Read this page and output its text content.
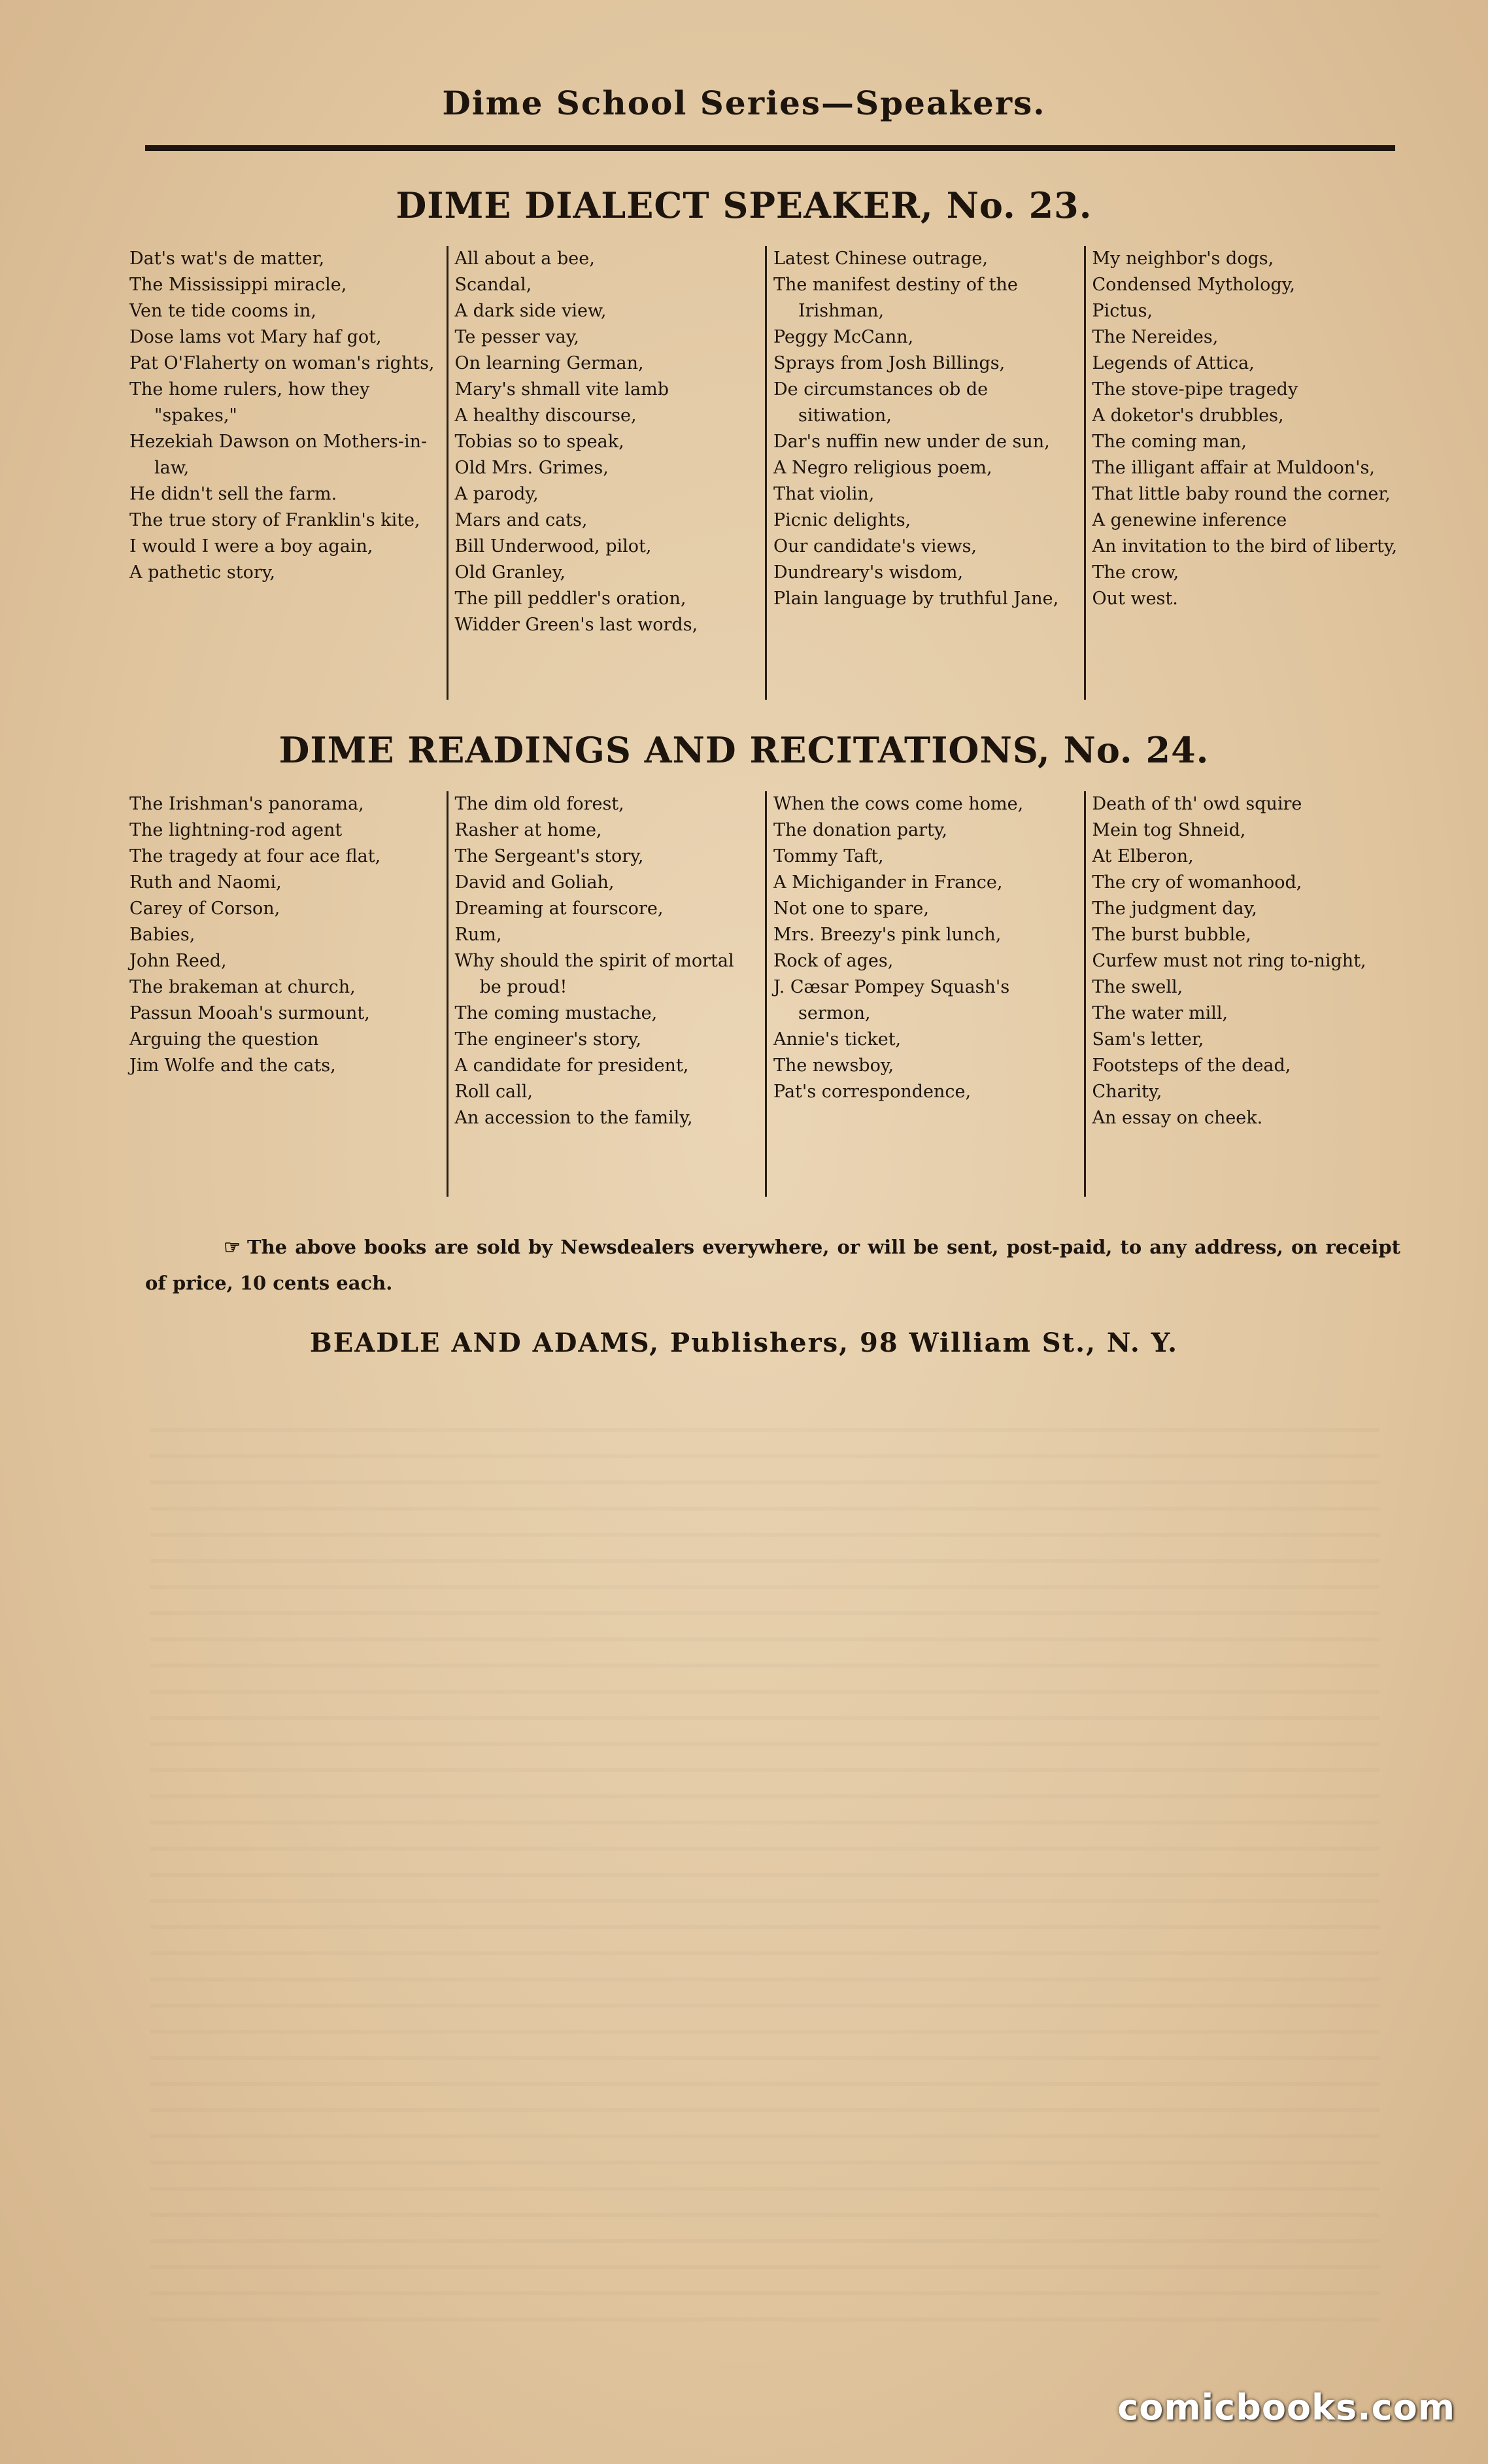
Dime School Series—Speakers.
DIME DIALECT SPEAKER, No. 23.
Dat's wat's de matter,
The Mississippi miracle,
Ven te tide cooms in,
Dose lams vot Mary haf got,
Pat O'Flaherty on woman's rights,
The home rulers, how they "spakes,"
Hezekiah Dawson on Mothers-in-law,
He didn't sell the farm.
The true story of Franklin's kite,
I would I were a boy again,
A pathetic story,
All about a bee,
Scandal,
A dark side view,
Te pesser vay,
On learning German,
Mary's shmall vite lamb
A healthy discourse,
Tobias so to speak,
Old Mrs. Grimes,
A parody,
Mars and cats,
Bill Underwood, pilot,
Old Granley,
The pill peddler's oration,
Widder Green's last words,
Latest Chinese outrage,
The manifest destiny of the Irishman,
Peggy McCann,
Sprays from Josh Billings,
De circumstances ob de sitiwation,
Dar's nuffin new under de sun,
A Negro religious poem,
That violin,
Picnic delights,
Our candidate's views,
Dundreary's wisdom,
Plain language by truthful Jane,
My neighbor's dogs,
Condensed Mythology,
Pictus,
The Nereides,
Legends of Attica,
The stove-pipe tragedy
A doketor's drubbles,
The coming man,
The illigant affair at Muldoon's,
That little baby round the corner,
A genewine inference
An invitation to the bird of liberty,
The crow,
Out west.
DIME READINGS AND RECITATIONS, No. 24.
The Irishman's panorama,
The lightning-rod agent
The tragedy at four ace flat,
Ruth and Naomi,
Carey of Corson,
Babies,
John Reed,
The brakeman at church,
Passun Mooah's surmount,
Arguing the question
Jim Wolfe and the cats,
The dim old forest,
Rasher at home,
The Sergeant's story,
David and Goliah,
Dreaming at fourscore,
Rum,
Why should the spirit of mortal be proud!
The coming mustache,
The engineer's story,
A candidate for president,
Roll call,
An accession to the family,
When the cows come home,
The donation party,
Tommy Taft,
A Michigander in France,
Not one to spare,
Mrs. Breezy's pink lunch,
Rock of ages,
J. Cæsar Pompey Squash's sermon,
Annie's ticket,
The newsboy,
Pat's correspondence,
Death of th' owd squire
Mein tog Shneid,
At Elberon,
The cry of womanhood,
The judgment day,
The burst bubble,
Curfew must not ring to-night,
The swell,
The water mill,
Sam's letter,
Footsteps of the dead,
Charity,
An essay on cheek.
☞ The above books are sold by Newsdealers everywhere, or will be sent, post-paid, to any address, on receipt of price, 10 cents each.
BEADLE AND ADAMS, Publishers, 98 William St., N. Y.
comicbooks.com
